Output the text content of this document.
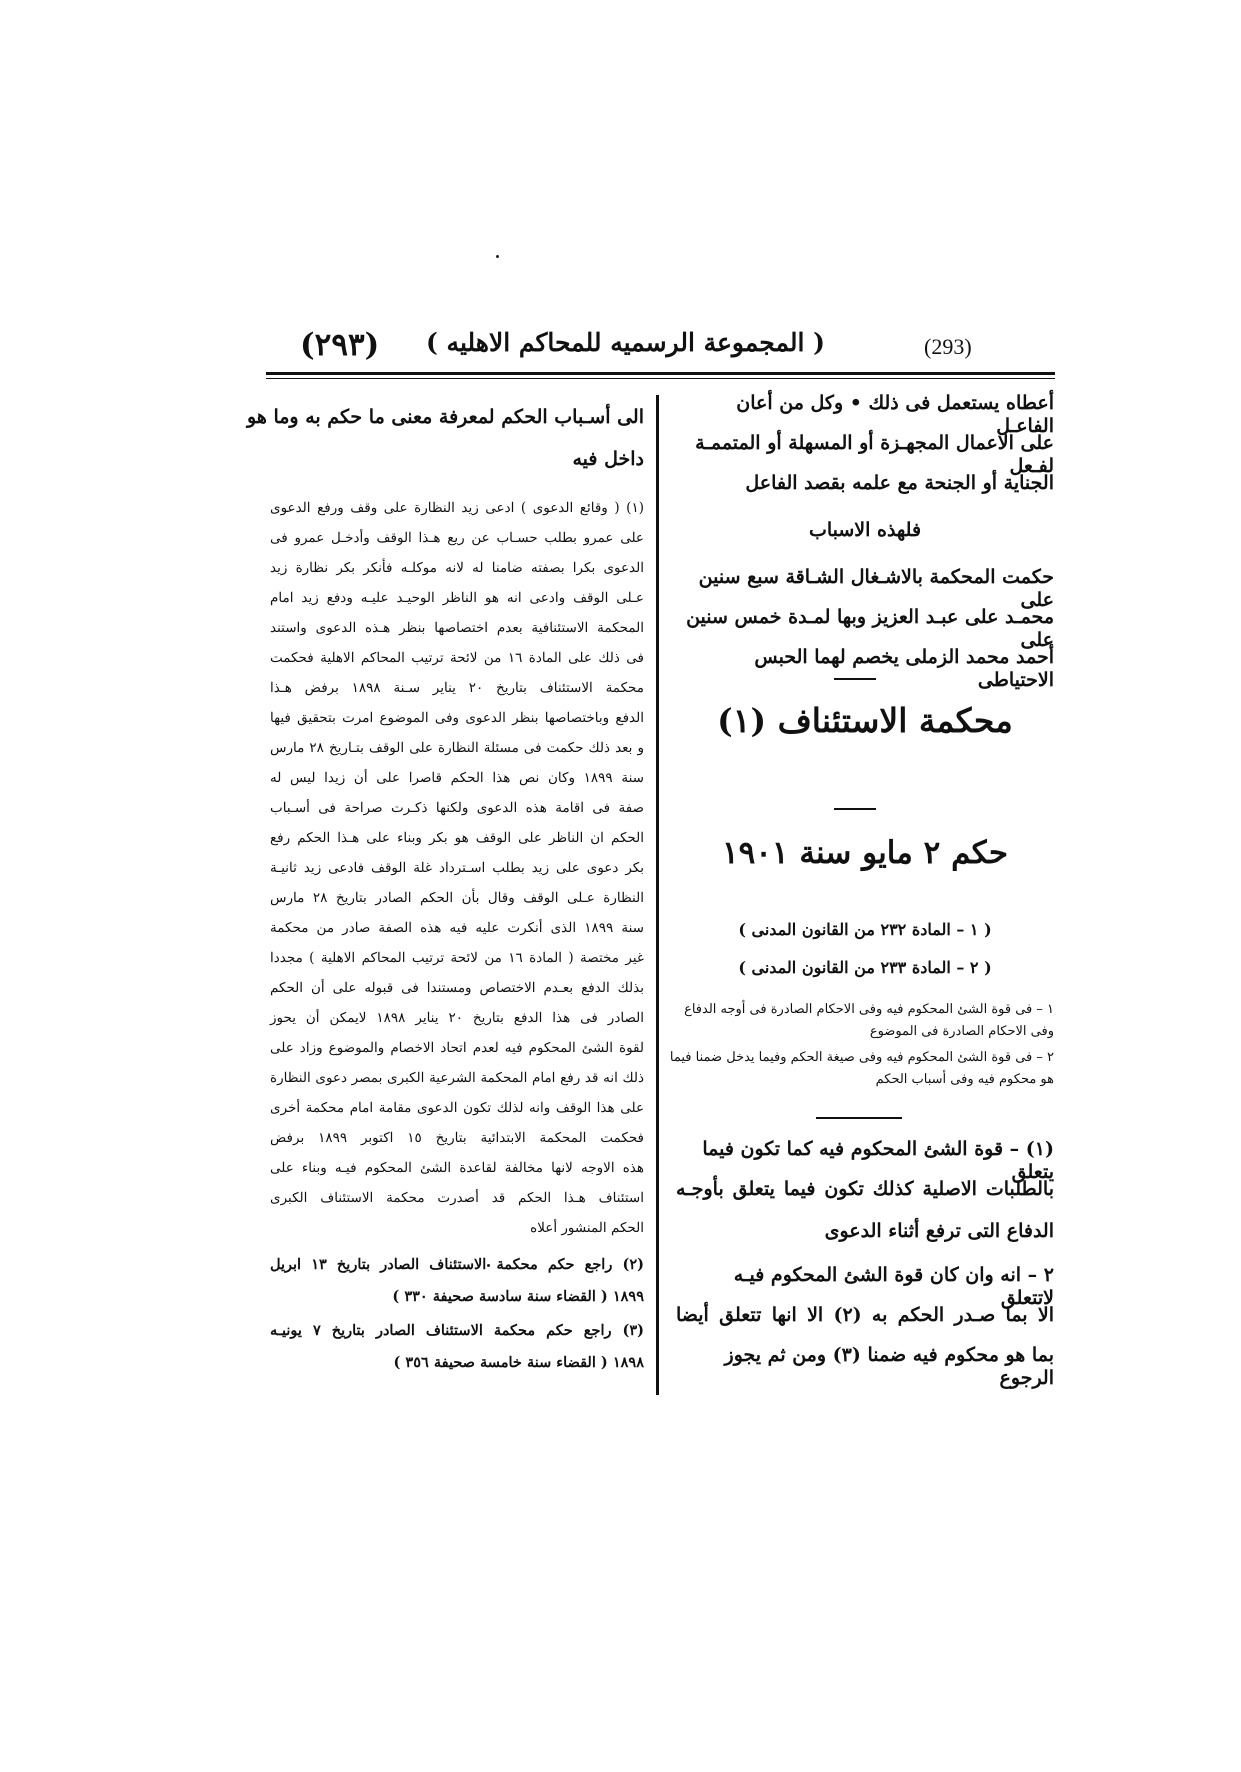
(٢٩٣) ( المجموعة الرسميه للمحاكم الاهليه )	(293)
أعطاه يستعمل فى ذلك • وكل من أعان الفاعـل
على الاعمال المجهـزة أو المسهلة أو المتممـة لفـعل
الجناية أو الجنحة مع علمه بقصد الفاعل
فلهذه الاسباب
حكمت المحكمة بالاشـغال الشـاقة سبع سنين على
محمـد على عبـد العزيز وبها لمـدة خمس سنين على
أحمد محمد الزملى يخصم لهما الحبس الاحتياطى
محكمة الاستئناف (١)
حكم ٢ مايو سنة ١٩٠١
( ١ – المادة ٢٣٢ من القانون المدنى )
( ٢ – المادة ٢٣٣ من القانون المدنى )
١ – فى قوة الشئ المحكوم فيه وفى الاحكام الصادرة فى أوجه الدفاع
وفى الاحكام الصادرة فى الموضوع
٢ – فى قوة الشئ المحكوم فيه وفى صيغة الحكم وفيما يدخل ضمنا فيما
هو محكوم فيه وفى أسباب الحكم
(١) – قوة الشئ المحكوم فيه كما تكون فيما يتعلق
بالطلبات الاصلية كذلك تكون فيما يتعلق بأوجـه
الدفاع التى ترفع أثناء الدعوى
٢ – انه وان كان قوة الشئ المحكوم فيـه لاتتعلق
الا بما صـدر الحكم به (٢) الا انها تتعلق أيضا
بما هو محكوم فيه ضمنا (٣) ومن ثم يجوز الرجوع
الى أسـباب الحكم لمعرفة معنى ما حكم به وما هو
داخل فيه
(١) ( وقائع الدعوى ) ادعى زيد النظارة على وقف ورفع الدعوى
على عمرو بطلب حسـاب عن ريع هـذا الوقف وأدخـل عمرو فى
الدعوى بكرا بصفته ضامنا له لانه موكلـه فأنكر بكر نظارة زيد
عـلى الوقف وادعى انه هو الناظر الوحيـد عليـه ودفع زيد امام
المحكمة الاستئنافية بعدم اختصاصها بنظر هـذه الدعوى واستند
فى ذلك على المادة ١٦ من لائحة ترتيب المحاكم الاهلية فحكمت
محكمة الاستئناف بتاريخ ٢٠ يناير سـنة ١٨٩٨ برفض هـذا
الدفع وباختصاصها بنظر الدعوى وفى الموضوع امرت بتحقيق فيها
و بعد ذلك حكمت فى مسئلة النظارة على الوقف بتـاريخ ٢٨ مارس
سنة ١٨٩٩ وكان نص هذا الحكم قاصرا على أن زيدا ليس له
صفة فى اقامة هذه الدعوى ولكنها ذكـرت صراحة فى أسـباب
الحكم ان الناظر على الوقف هو بكر وبناء على هـذا الحكم رفع
بكر دعوى على زيد بطلب اسـترداد غلة الوقف فادعى زيد ثانيـة
النظارة عـلى الوقف وقال بأن الحكم الصادر بتاريخ ٢٨ مارس
سنة ١٨٩٩ الذى أنكرت عليه فيه هذه الصفة صادر من محكمة
غير مختصة ( المادة ١٦ من لائحة ترتيب المحاكم الاهلية ) مجددا
بذلك الدفع بعـدم الاختصاص ومستندا فى قبوله على أن الحكم
الصادر فى هذا الدفع بتاريخ ٢٠ يناير ١٨٩٨ لايمكن أن يحوز
لقوة الشئ المحكوم فيه لعدم اتحاد الاخصام والموضوع وزاد على
ذلك انه قد رفع امام المحكمة الشرعية الكبرى بمصر دعوى النظارة
على هذا الوقف وانه لذلك تكون الدعوى مقامة امام محكمة أخرى
فحكمت المحكمة الابتدائية بتاريخ ١٥ اكتوبر ١٨٩٩ برفض
هذه الاوجه لانها مخالفة لقاعدة الشئ المحكوم فيـه وبناء على
استئناف هـذا الحكم قد أصدرت محكمة الاستئناف الكبرى
الحكم المنشور أعلاه
(٢) راجع حكم محكمة الاستئناف الصادر بتاريخ ١٣ ابريل
١٨٩٩ ( القضاء سنة سادسة صحيفة ٣٣٠ )
(٣) راجع حكم محكمة الاستئناف الصادر بتاريخ ٧ يونيـه
١٨٩٨ ( القضاء سنة خامسة صحيفة ٣٥٦ )
